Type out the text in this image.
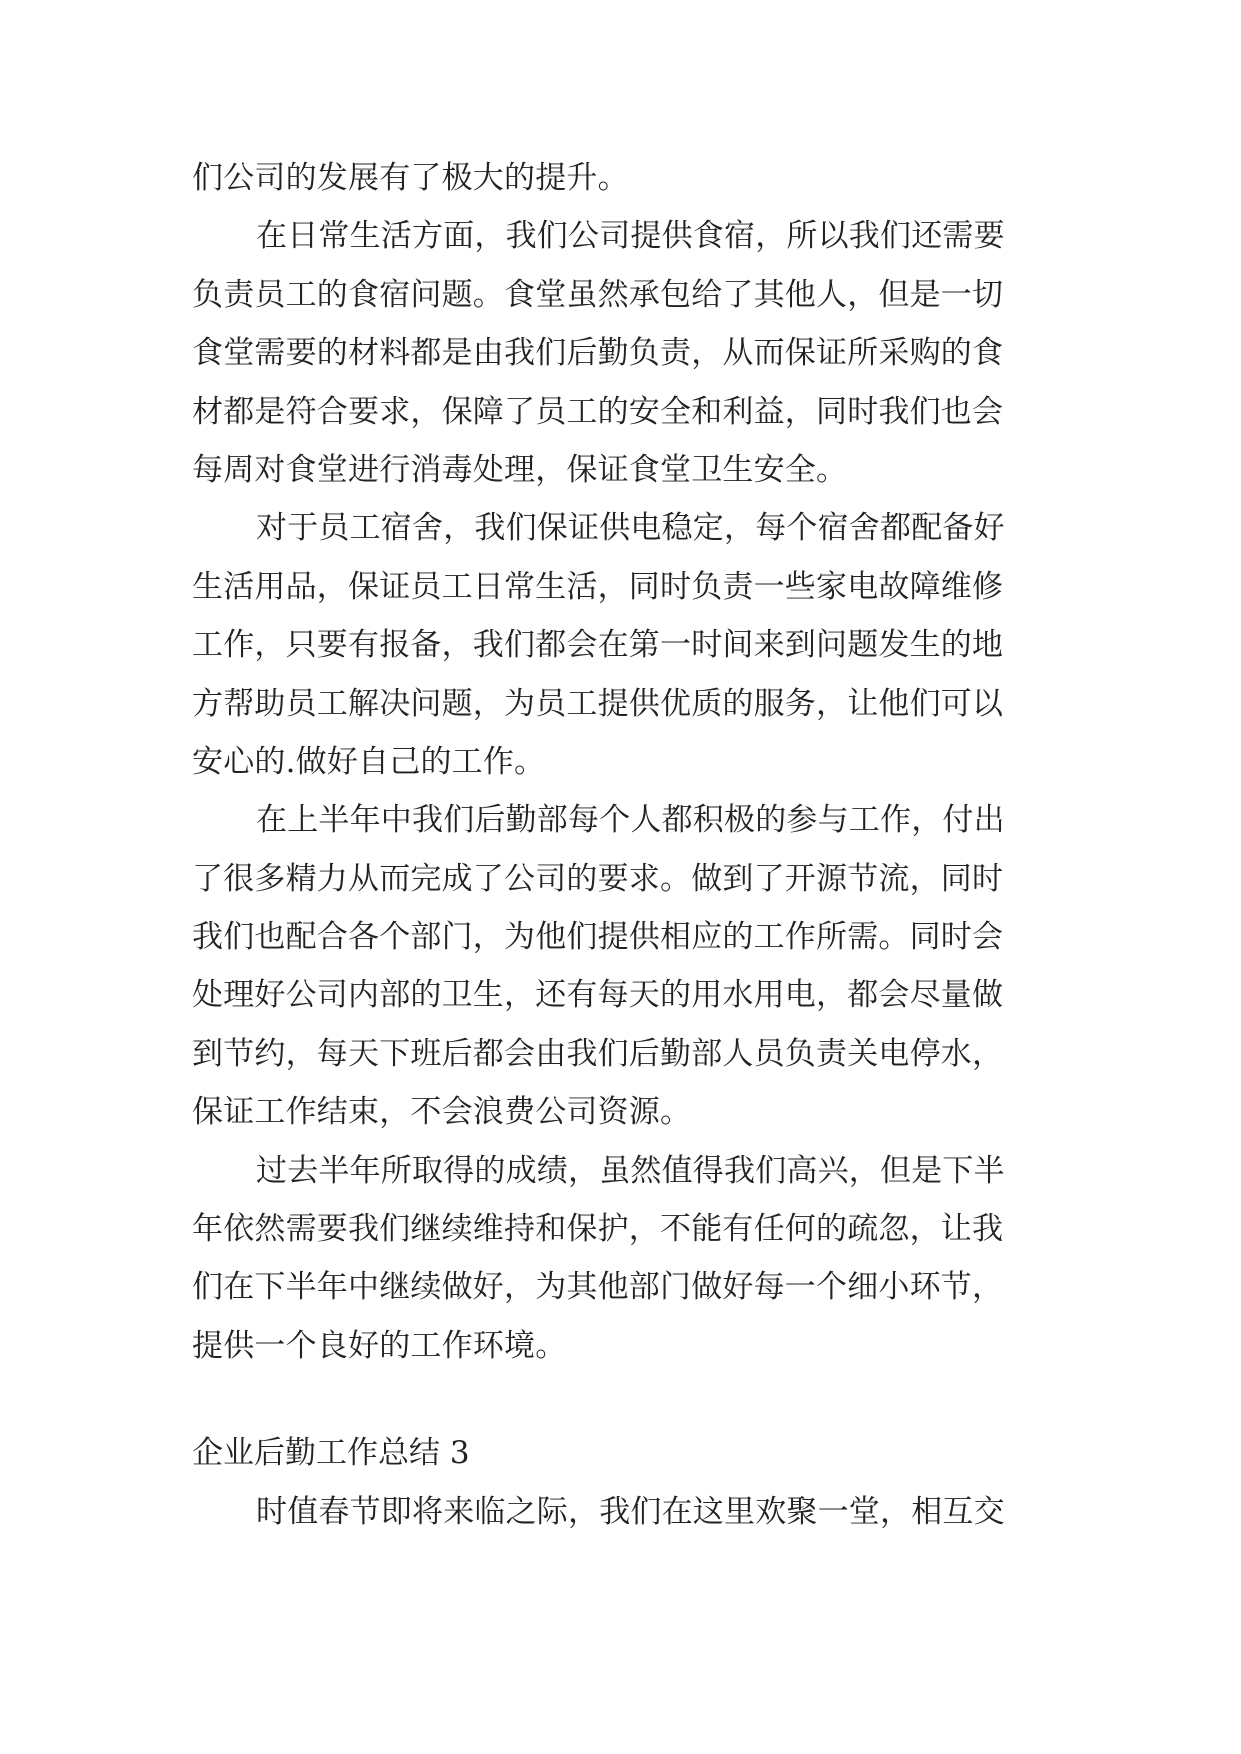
们公司的发展有了极大的提升。
在日常生活方面，我们公司提供食宿，所以我们还需要
负责员工的食宿问题。食堂虽然承包给了其他人，但是一切
食堂需要的材料都是由我们后勤负责，从而保证所采购的食
材都是符合要求，保障了员工的安全和利益，同时我们也会
每周对食堂进行消毒处理，保证食堂卫生安全。
对于员工宿舍，我们保证供电稳定，每个宿舍都配备好
生活用品，保证员工日常生活，同时负责一些家电故障维修
工作，只要有报备，我们都会在第一时间来到问题发生的地
方帮助员工解决问题，为员工提供优质的服务，让他们可以
安心的.做好自己的工作。
在上半年中我们后勤部每个人都积极的参与工作，付出
了很多精力从而完成了公司的要求。做到了开源节流，同时
我们也配合各个部门，为他们提供相应的工作所需。同时会
处理好公司内部的卫生，还有每天的用水用电，都会尽量做
到节约，每天下班后都会由我们后勤部人员负责关电停水，
保证工作结束，不会浪费公司资源。
过去半年所取得的成绩，虽然值得我们高兴，但是下半
年依然需要我们继续维持和保护，不能有任何的疏忽，让我
们在下半年中继续做好，为其他部门做好每一个细小环节，
提供一个良好的工作环境。
企业后勤工作总结 3
时值春节即将来临之际，我们在这里欢聚一堂，相互交
